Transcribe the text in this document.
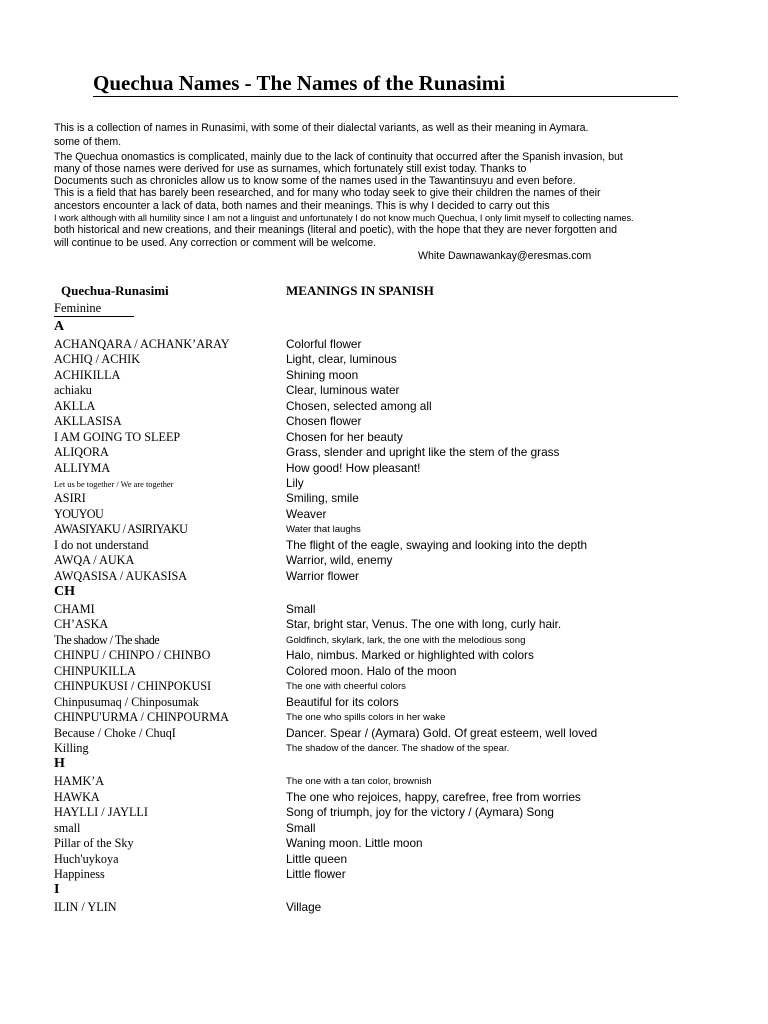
Quechua Names - The Names of the Runasimi
This is a collection of names in Runasimi, with some of their dialectal variants, as well as their meaning in Aymara.
some of them.
The Quechua onomastics is complicated, mainly due to the lack of continuity that occurred after the Spanish invasion, but
many of those names were derived for use as surnames, which fortunately still exist today. Thanks to
Documents such as chronicles allow us to know some of the names used in the Tawantinsuyu and even before.
This is a field that has barely been researched, and for many who today seek to give their children the names of their
ancestors encounter a lack of data, both names and their meanings. This is why I decided to carry out this
I work although with all humility since I am not a linguist and unfortunately I do not know much Quechua, I only limit myself to collecting names.
both historical and new creations, and their meanings (literal and poetic), with the hope that they are never forgotten and
will continue to be used. Any correction or comment will be welcome.
White Dawnawankay@eresmas.com
Quechua-Runasimi	MEANINGS IN SPANISH
Feminine
A
ACHANQARA / ACHANK’ARAY	Colorful flower
ACHIQ / ACHIK	Light, clear, luminous
ACHIKILLA	Shining moon
achiaku	Clear, luminous water
AKLLA	Chosen, selected among all
AKLLASISA	Chosen flower
I AM GOING TO SLEEP	Chosen for her beauty
ALIQORA	Grass, slender and upright like the stem of the grass
ALLIYMA	How good! How pleasant!
Let us be together / We are together	Lily
ASIRI	Smiling, smile
YOUYOU	Weaver
AWASIYAKU / ASIRIYAKU	Water that laughs
I do not understand	The flight of the eagle, swaying and looking into the depth
AWQA / AUKA	Warrior, wild, enemy
AWQASISA / AUKASISA	Warrior flower
CH
CHAMI	Small
CH’ASKA	Star, bright star, Venus. The one with long, curly hair.
The shadow / The shade	Goldfinch, skylark, lark, the one with the melodious song
CHINPU / CHINPO / CHINBO	Halo, nimbus. Marked or highlighted with colors
CHINPUKILLA	Colored moon. Halo of the moon
CHINPUKUSI / CHINPOKUSI	The one with cheerful colors
Chinpusumaq / Chinposumak	Beautiful for its colors
CHINPU'URMA / CHINPOURMA	The one who spills colors in her wake
Because / Choke / ChuqI	Dancer. Spear / (Aymara) Gold. Of great esteem, well loved
Killing	The shadow of the dancer. The shadow of the spear.
H
HAMK’A	The one with a tan color, brownish
HAWKA	The one who rejoices, happy, carefree, free from worries
HAYLLI / JAYLLI	Song of triumph, joy for the victory / (Aymara) Song
small	Small
Pillar of the Sky	Waning moon. Little moon
Huch'uykoya	Little queen
Happiness	Little flower
I
ILIN / YLIN	Village
